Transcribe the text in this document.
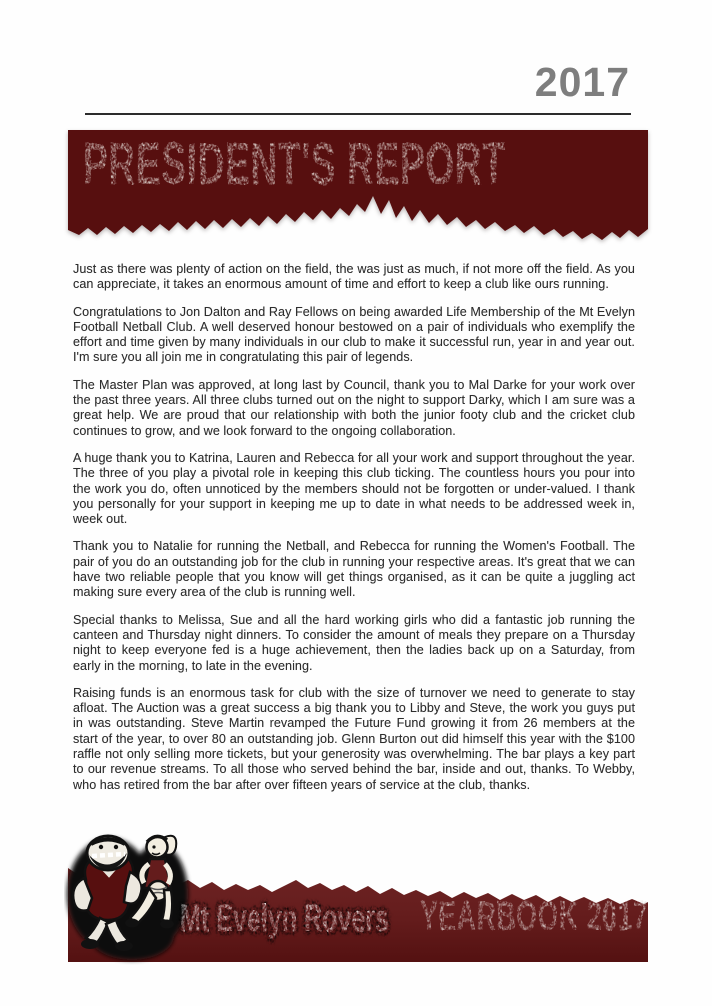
2017
PRESIDENT'S REPORT

Just as there was plenty of action on the field, the was just as much, if not more off the field. As you can appreciate, it takes an enormous amount of time and effort to keep a club like ours running.

Congratulations to Jon Dalton and Ray Fellows on being awarded Life Membership of the Mt Evelyn Football Netball Club. A well deserved honour bestowed on a pair of individuals who exemplify the effort and time given by many individuals in our club to make it successful run, year in and year out. I'm sure you all join me in congratulating this pair of legends.

The Master Plan was approved, at long last by Council, thank you to Mal Darke for your work over the past three years. All three clubs turned out on the night to support Darky, which I am sure was a great help. We are proud that our relationship with both the junior footy club and the cricket club continues to grow, and we look forward to the ongoing collaboration.

A huge thank you to Katrina, Lauren and Rebecca for all your work and support throughout the year. The three of you play a pivotal role in keeping this club ticking. The countless hours you pour into the work you do, often unnoticed by the members should not be forgotten or under-valued. I thank you personally for your support in keeping me up to date in what needs to be addressed week in, week out.

Thank you to Natalie for running the Netball, and Rebecca for running the Women's Football. The pair of you do an outstanding job for the club in running your respective areas. It's great that we can have two reliable people that you know will get things organised, as it can be quite a juggling act making sure every area of the club is running well.

Special thanks to Melissa, Sue and all the hard working girls who did a fantastic job running the canteen and Thursday night dinners. To consider the amount of meals they prepare on a Thursday night to keep everyone fed is a huge achievement, then the ladies back up on a Saturday, from early in the morning, to late in the evening.

Raising funds is an enormous task for club with the size of turnover we need to generate to stay afloat. The Auction was a great success a big thank you to Libby and Steve, the work you guys put in was outstanding. Steve Martin revamped the Future Fund growing it from 26 members at the start of the year, to over 80 an outstanding job. Glenn Burton out did himself this year with the $100 raffle not only selling more tickets, but your generosity was overwhelming. The bar plays a key part to our revenue streams. To all those who served behind the bar, inside and out, thanks. To Webby, who has retired from the bar after over fifteen years of service at the club, thanks.

Mt Evelyn Rovers YEARBOOK 2017
